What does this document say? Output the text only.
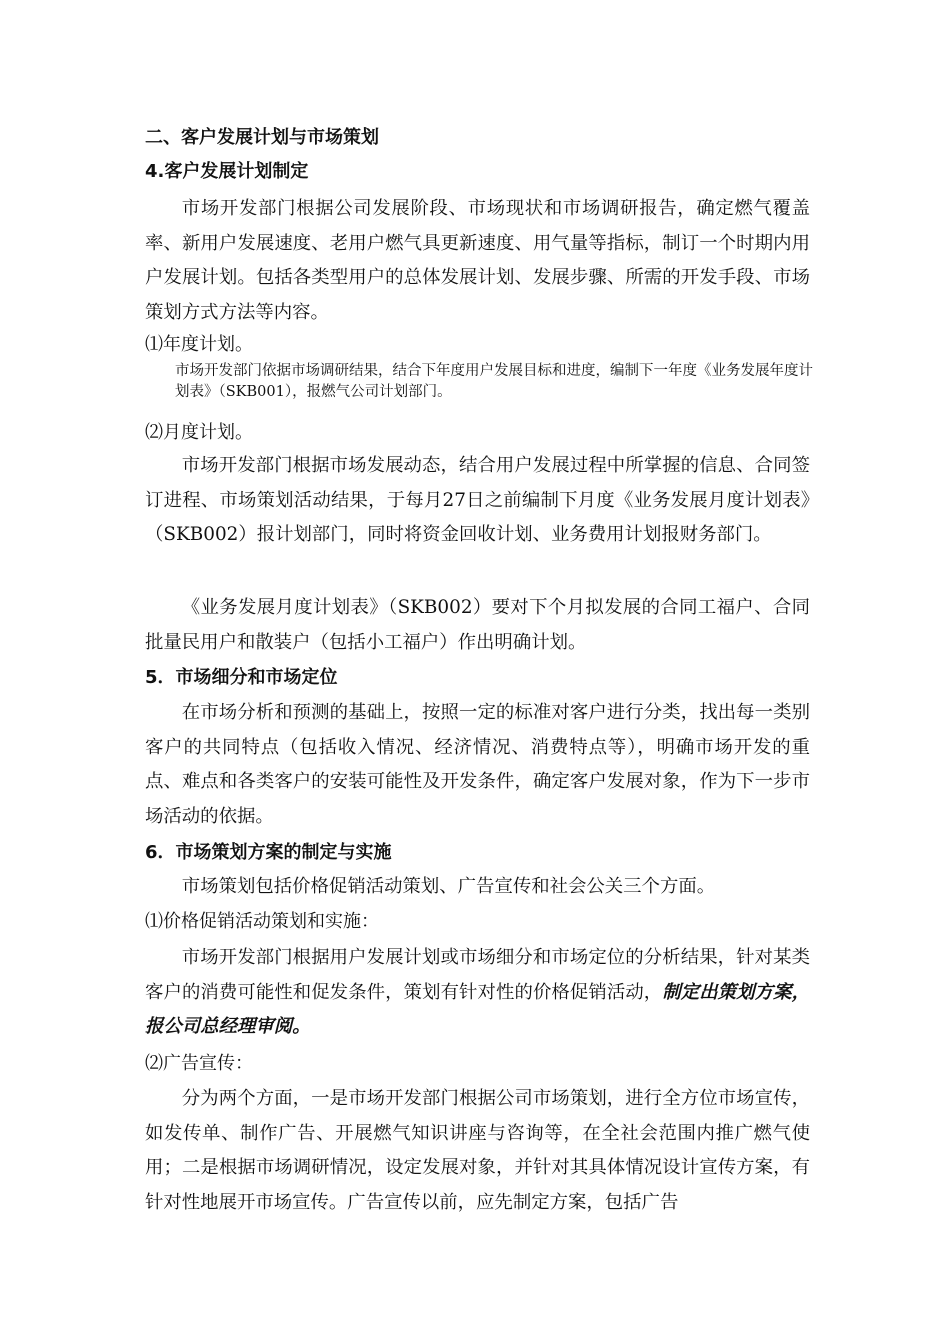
二、客户发展计划与市场策划
4.客户发展计划制定

市场开发部门根据公司发展阶段、市场现状和市场调研报告，确定燃气覆盖率、新用户发展速度、老用户燃气具更新速度、用气量等指标，制订一个时期内用户发展计划。包括各类型用户的总体发展计划、发展步骤、所需的开发手段、市场策划方式方法等内容。

⑴年度计划。

市场开发部门依据市场调研结果，结合下年度用户发展目标和进度，编制下一年度《业务发展年度计划表》（SKB001），报燃气公司计划部门。

⑵月度计划。

市场开发部门根据市场发展动态，结合用户发展过程中所掌握的信息、合同签订进程、市场策划活动结果，于每月27日之前编制下月度《业务发展月度计划表》（SKB002）报计划部门，同时将资金回收计划、业务费用计划报财务部门。

《业务发展月度计划表》（SKB002）要对下个月拟发展的合同工福户、合同批量民用户和散装户（包括小工福户）作出明确计划。

5．市场细分和市场定位

在市场分析和预测的基础上，按照一定的标准对客户进行分类，找出每一类别客户的共同特点（包括收入情况、经济情况、消费特点等），明确市场开发的重点、难点和各类客户的安装可能性及开发条件，确定客户发展对象，作为下一步市场活动的依据。

6．市场策划方案的制定与实施

市场策划包括价格促销活动策划、广告宣传和社会公关三个方面。

⑴价格促销活动策划和实施：

市场开发部门根据用户发展计划或市场细分和市场定位的分析结果，针对某类客户的消费可能性和促发条件，策划有针对性的价格促销活动，制定出策划方案，报公司总经理审阅。

⑵广告宣传：

分为两个方面，一是市场开发部门根据公司市场策划，进行全方位市场宣传，如发传单、制作广告、开展燃气知识讲座与咨询等，在全社会范围内推广燃气使用；二是根据市场调研情况，设定发展对象，并针对其具体情况设计宣传方案，有针对性地展开市场宣传。广告宣传以前，应先制定方案，包括广告
